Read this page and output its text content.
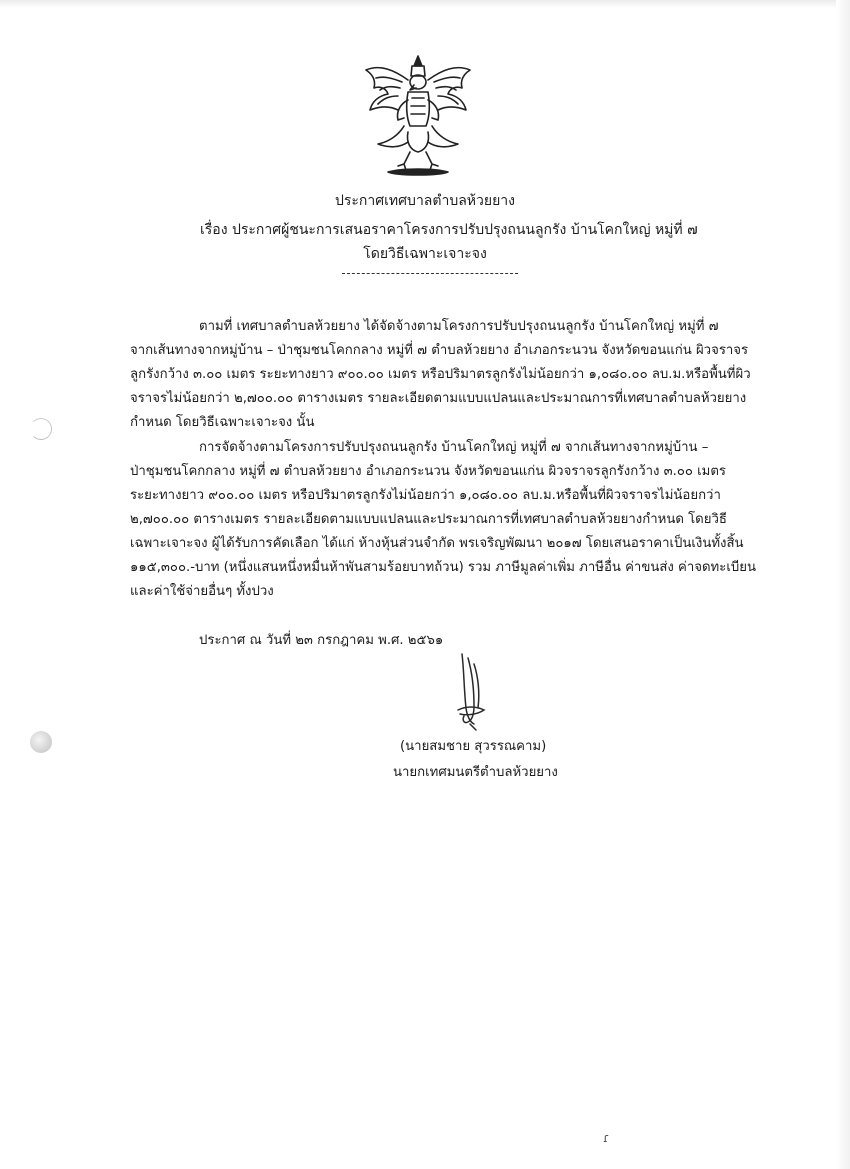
ประกาศเทศบาลตำบลห้วยยาง
เรื่อง ประกาศผู้ชนะการเสนอราคาโครงการปรับปรุงถนนลูกรัง บ้านโคกใหญ่ หมู่ที่ ๗
โดยวิธีเฉพาะเจาะจง
ตามที่ เทศบาลตำบลห้วยยาง ได้จัดจ้างตามโครงการปรับปรุงถนนลูกรัง บ้านโคกใหญ่ หมู่ที่ ๗
จากเส้นทางจากหมู่บ้าน – ป่าชุมชนโคกกลาง หมู่ที่ ๗ ตำบลห้วยยาง อำเภอกระนวน จังหวัดขอนแก่น ผิวจราจร
ลูกรังกว้าง ๓.๐๐ เมตร ระยะทางยาว ๙๐๐.๐๐ เมตร หรือปริมาตรลูกรังไม่น้อยกว่า ๑,๐๘๐.๐๐ ลบ.ม.หรือพื้นที่ผิว
จราจรไม่น้อยกว่า ๒,๗๐๐.๐๐ ตารางเมตร รายละเอียดตามแบบแปลนและประมาณการที่เทศบาลตำบลห้วยยาง
กำหนด โดยวิธีเฉพาะเจาะจง นั้น
การจัดจ้างตามโครงการปรับปรุงถนนลูกรัง บ้านโคกใหญ่ หมู่ที่ ๗ จากเส้นทางจากหมู่บ้าน –
ป่าชุมชนโคกกลาง หมู่ที่ ๗ ตำบลห้วยยาง อำเภอกระนวน จังหวัดขอนแก่น ผิวจราจรลูกรังกว้าง ๓.๐๐ เมตร
ระยะทางยาว ๙๐๐.๐๐ เมตร หรือปริมาตรลูกรังไม่น้อยกว่า ๑,๐๘๐.๐๐ ลบ.ม.หรือพื้นที่ผิวจราจรไม่น้อยกว่า
๒,๗๐๐.๐๐ ตารางเมตร รายละเอียดตามแบบแปลนและประมาณการที่เทศบาลตำบลห้วยยางกำหนด โดยวิธี
เฉพาะเจาะจง ผู้ได้รับการคัดเลือก ได้แก่ ห้างหุ้นส่วนจำกัด พรเจริญพัฒนา ๒๐๑๗ โดยเสนอราคาเป็นเงินทั้งสิ้น
๑๑๕,๓๐๐.-บาท (หนึ่งแสนหนึ่งหมื่นห้าพันสามร้อยบาทถ้วน) รวม ภาษีมูลค่าเพิ่ม ภาษีอื่น ค่าขนส่ง ค่าจดทะเบียน
และค่าใช้จ่ายอื่นๆ ทั้งปวง
ประกาศ ณ วันที่ ๒๓ กรกฎาคม พ.ศ. ๒๕๖๑
(นายสมชาย สุวรรณคาม)
นายกเทศมนตรีตำบลห้วยยาง
ɾ
